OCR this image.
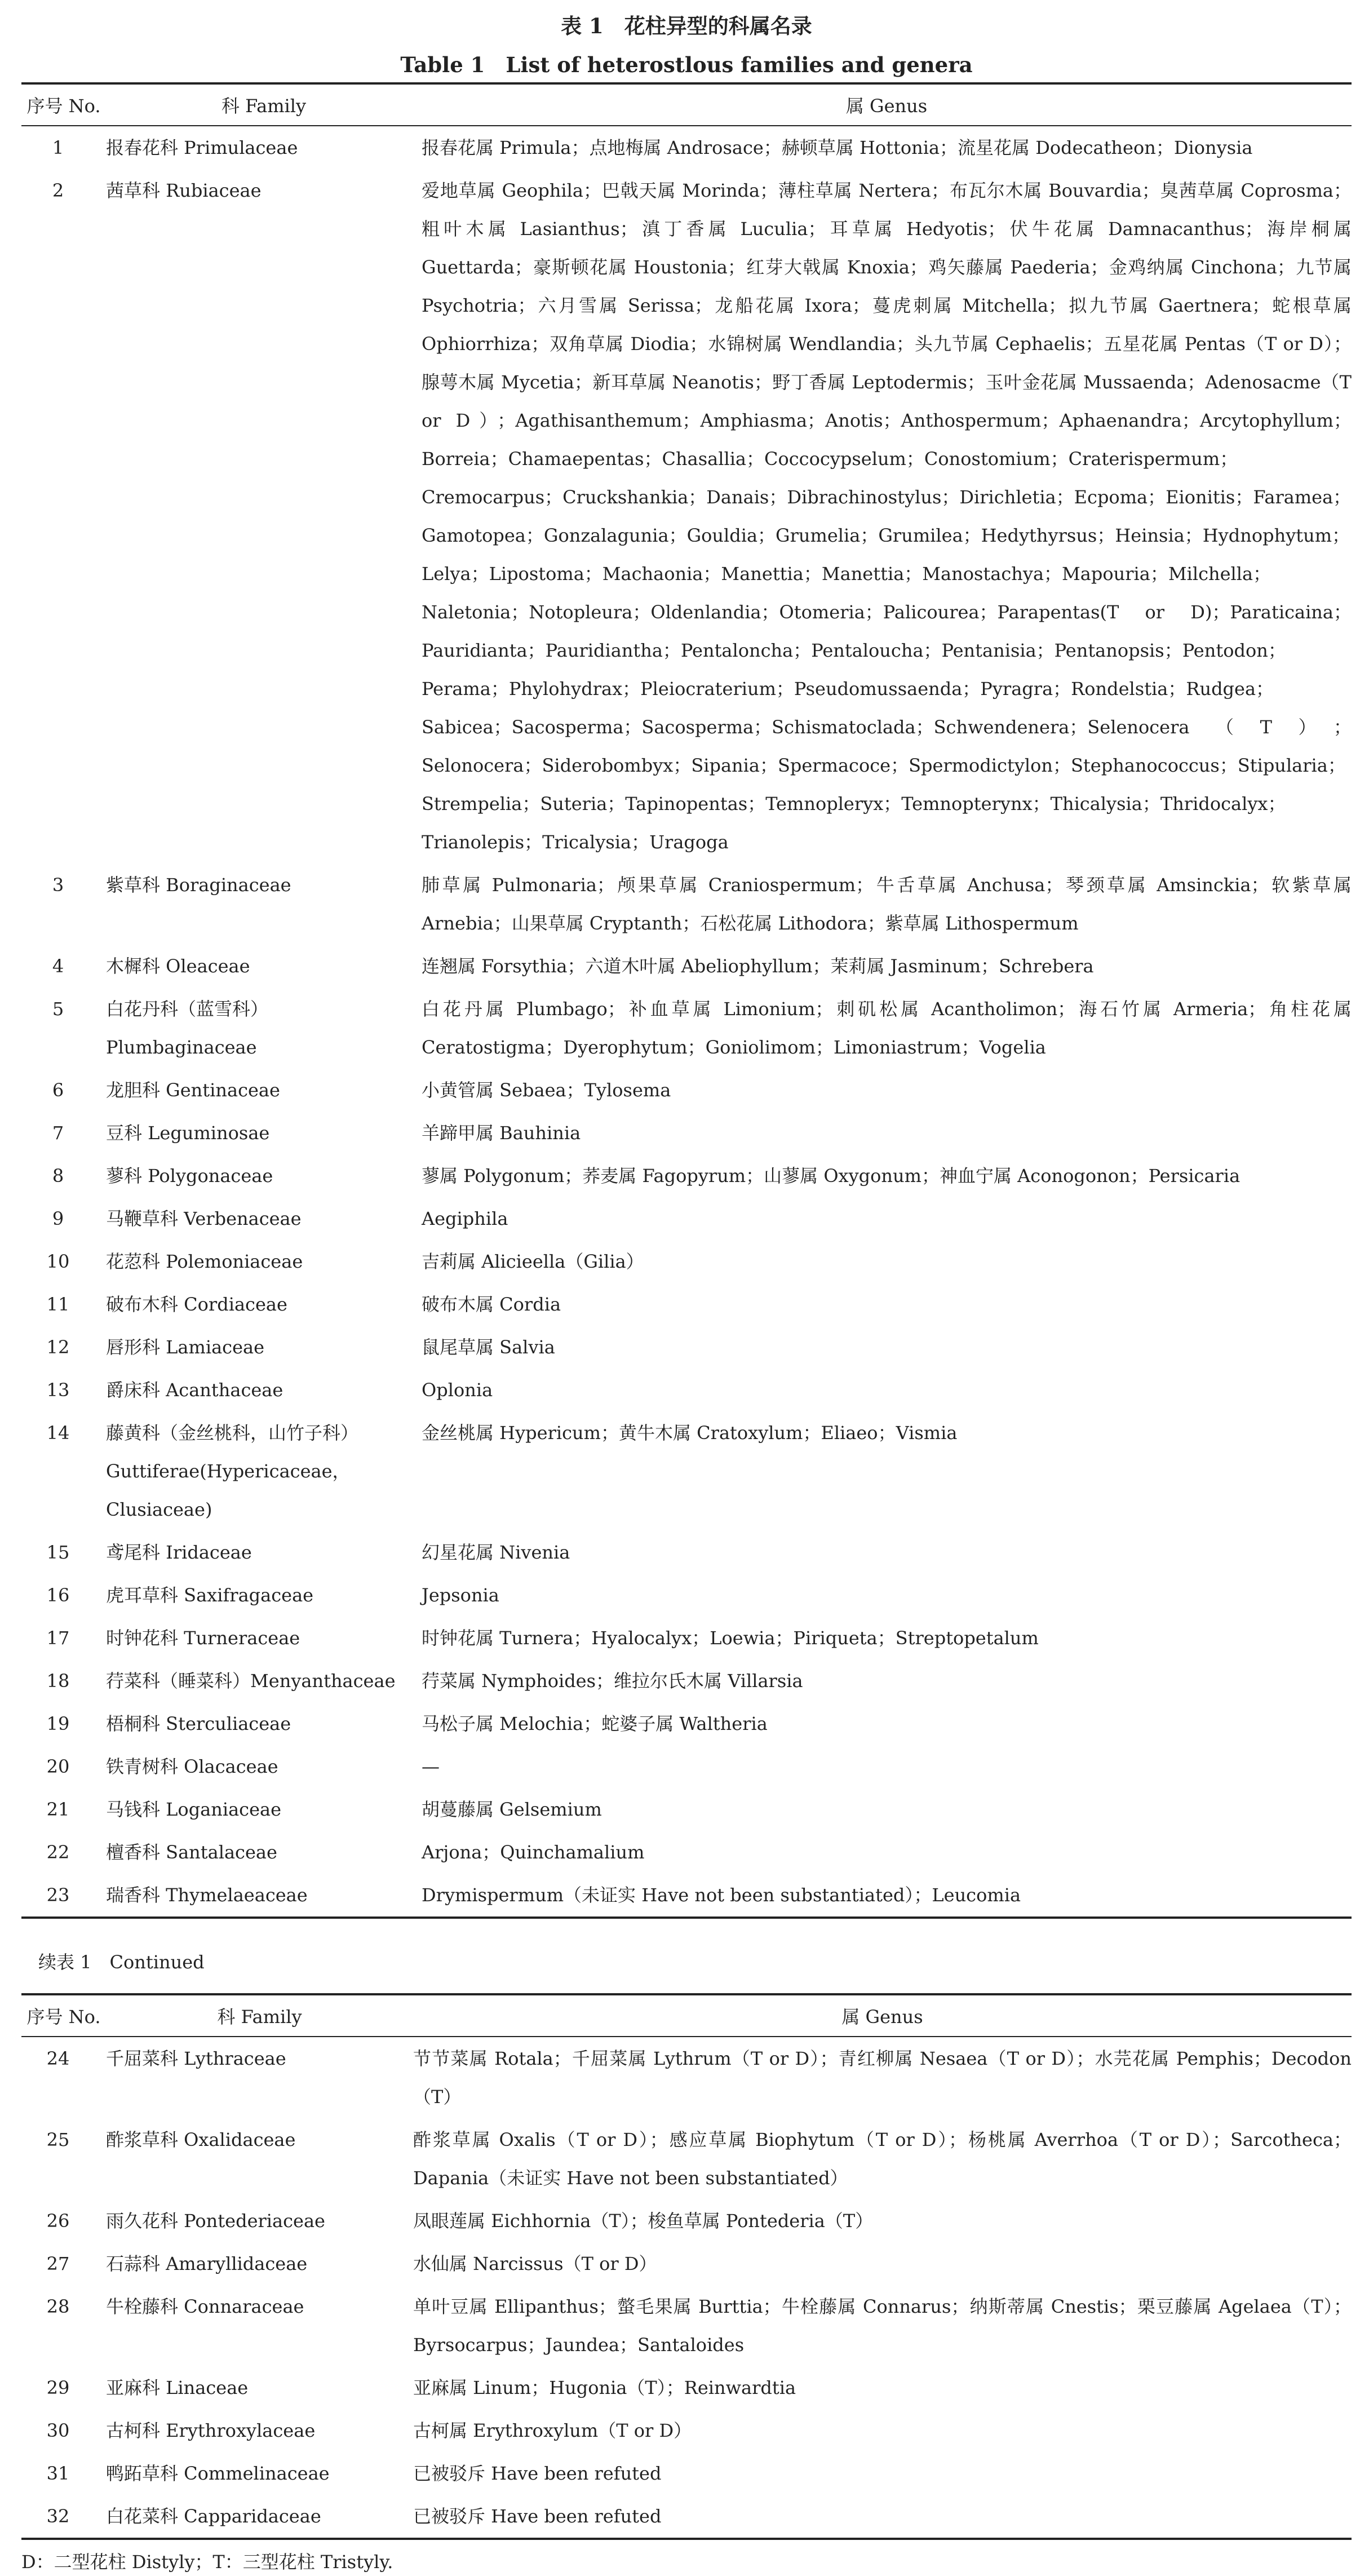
表 1　花柱异型的科属名录
Table 1　List of heterostlous families and genera
序号 No.	科 Family	属 Genus
1	报春花科 Primulaceae	报春花属 Primula；点地梅属 Androsace；赫顿草属 Hottonia；流星花属 Dodecatheon；Dionysia
2	茜草科 Rubiaceae	爱地草属 Geophila；巴戟天属 Morinda；薄柱草属 Nertera；布瓦尔木属 Bouvardia；臭茜草属 Coprosma；粗叶木属 Lasianthus；滇丁香属 Luculia；耳草属 Hedyotis；伏牛花属 Damnacanthus；海岸桐属 Guettarda；豪斯顿花属 Houstonia；红芽大戟属 Knoxia；鸡矢藤属 Paederia；金鸡纳属 Cinchona；九节属 Psychotria；六月雪属 Serissa；龙船花属 Ixora；蔓虎刺属 Mitchella；拟九节属 Gaertnera；蛇根草属 Ophiorrhiza；双角草属 Diodia；水锦树属 Wendlandia；头九节属 Cephaelis；五星花属 Pentas（T or D）；腺萼木属 Mycetia；新耳草属 Neanotis；野丁香属 Leptodermis；玉叶金花属 Mussaenda；Adenosacme（T or D）；Agathisanthemum；Amphiasma；Anotis；Anthospermum；Aphaenandra；Arcytophyllum；Borreia；Chamaepentas；Chasallia；Coccocypselum；Conostomium；Craterispermum；Cremocarpus；Cruckshankia；Danais；Dibrachinostylus；Dirichletia；Ecpoma；Eionitis；Faramea；Gamotopea；Gonzalagunia；Gouldia；Grumelia；Grumilea；Hedythyrsus；Heinsia；Hydnophytum；Lelya；Lipostoma；Machaonia；Manettia；Manettia；Manostachya；Mapouria；Milchella；Naletonia；Notopleura；Oldenlandia；Otomeria；Palicourea；Parapentas(T or D)；Paraticaina；Pauridianta；Pauridiantha；Pentaloncha；Pentaloucha；Pentanisia；Pentanopsis；Pentodon；Perama；Phylohydrax；Pleiocraterium；Pseudomussaenda；Pyragra；Rondelstia；Rudgea；Sabicea；Sacosperma；Sacosperma；Schismatoclada；Schwendenera；Selenocera（T）；Selonocera；Siderobombyx；Sipania；Spermacoce；Spermodictylon；Stephanococcus；Stipularia；Strempelia；Suteria；Tapinopentas；Temnopleryx；Temnopterynx；Thicalysia；Thridocalyx；Trianolepis；Tricalysia；Uragoga
3	紫草科 Boraginaceae	肺草属 Pulmonaria；颅果草属 Craniospermum；牛舌草属 Anchusa；琴颈草属 Amsinckia；软紫草属 Arnebia；山果草属 Cryptanth；石松花属 Lithodora；紫草属 Lithospermum
4	木樨科 Oleaceae	连翘属 Forsythia；六道木叶属 Abeliophyllum；茉莉属 Jasminum；Schrebera
5	白花丹科（蓝雪科）Plumbaginaceae	白花丹属 Plumbago；补血草属 Limonium；刺矶松属 Acantholimon；海石竹属 Armeria；角柱花属 Ceratostigma；Dyerophytum；Goniolimom；Limoniastrum；Vogelia
6	龙胆科 Gentinaceae	小黄管属 Sebaea；Tylosema
7	豆科 Leguminosae	羊蹄甲属 Bauhinia
8	蓼科 Polygonaceae	蓼属 Polygonum；荞麦属 Fagopyrum；山蓼属 Oxygonum；神血宁属 Aconogonon；Persicaria
9	马鞭草科 Verbenaceae	Aegiphila
10	花荵科 Polemoniaceae	吉莉属 Alicieella（Gilia）
11	破布木科 Cordiaceae	破布木属 Cordia
12	唇形科 Lamiaceae	鼠尾草属 Salvia
13	爵床科 Acanthaceae	Oplonia
14	藤黄科（金丝桃科，山竹子科）Guttiferae(Hypericaceae，Clusiaceae)	金丝桃属 Hypericum；黄牛木属 Cratoxylum；Eliaeo；Vismia
15	鸢尾科 Iridaceae	幻星花属 Nivenia
16	虎耳草科 Saxifragaceae	Jepsonia
17	时钟花科 Turneraceae	时钟花属 Turnera；Hyalocalyx；Loewia；Piriqueta；Streptopetalum
18	荇菜科（睡菜科）Menyanthaceae	荇菜属 Nymphoides；维拉尔氏木属 Villarsia
19	梧桐科 Sterculiaceae	马松子属 Melochia；蛇婆子属 Waltheria
20	铁青树科 Olacaceae	—
21	马钱科 Loganiaceae	胡蔓藤属 Gelsemium
22	檀香科 Santalaceae	Arjona；Quinchamalium
23	瑞香科 Thymelaeaceae	Drymispermum（未证实 Have not been substantiated）；Leucomia
续表 1　Continued
序号 No.	科 Family	属 Genus
24	千屈菜科 Lythraceae	节节菜属 Rotala；千屈菜属 Lythrum（T or D）；青红柳属 Nesaea（T or D）；水芫花属 Pemphis；Decodon（T）
25	酢浆草科 Oxalidaceae	酢浆草属 Oxalis（T or D）；感应草属 Biophytum（T or D）；杨桃属 Averrhoa（T or D）；Sarcotheca；Dapania（未证实 Have not been substantiated）
26	雨久花科 Pontederiaceae	凤眼莲属 Eichhornia（T）；梭鱼草属 Pontederia（T）
27	石蒜科 Amaryllidaceae	水仙属 Narcissus（T or D）
28	牛栓藤科 Connaraceae	单叶豆属 Ellipanthus；螫毛果属 Burttia；牛栓藤属 Connarus；纳斯蒂属 Cnestis；栗豆藤属 Agelaea（T）；Byrsocarpus；Jaundea；Santaloides
29	亚麻科 Linaceae	亚麻属 Linum；Hugonia（T）；Reinwardtia
30	古柯科 Erythroxylaceae	古柯属 Erythroxylum（T or D）
31	鸭跖草科 Commelinaceae	已被驳斥 Have been refuted
32	白花菜科 Capparidaceae	已被驳斥 Have been refuted
D：二型花柱 Distyly；T：三型花柱 Tristyly.
